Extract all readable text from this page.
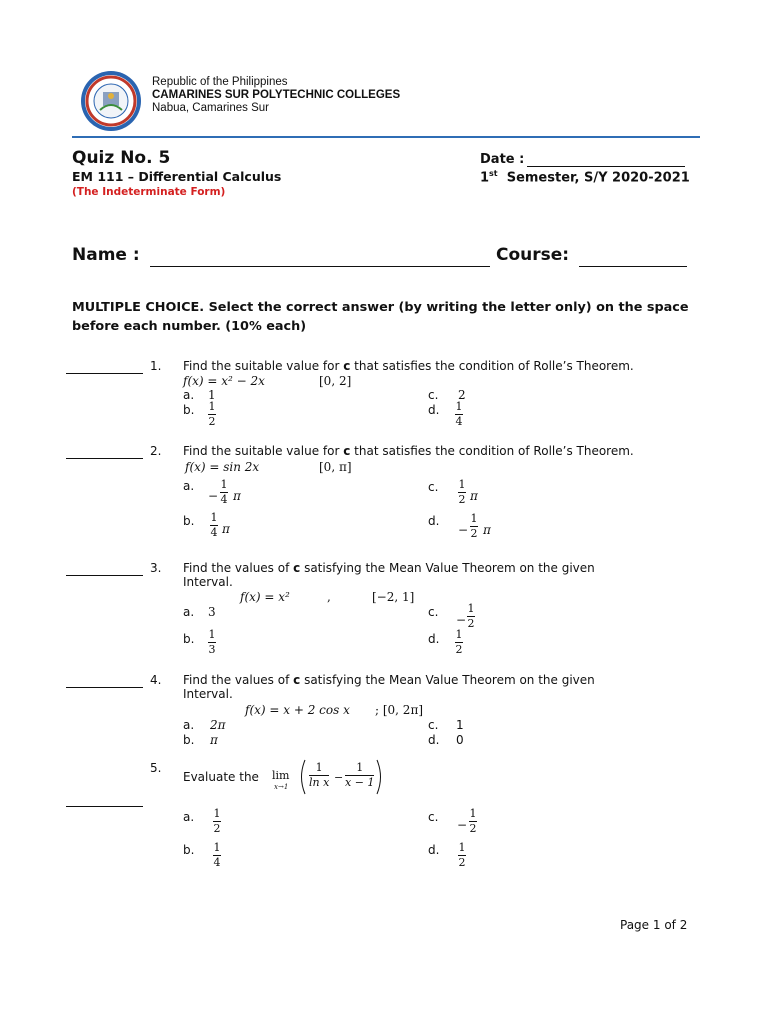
Republic of the Philippines
CAMARINES SUR POLYTECHNIC COLLEGES
Nabua, Camarines Sur
Quiz No. 5
EM 111 – Differential Calculus
(The Indeterminate Form)
Date :
1st Semester, S/Y 2020-2021
Name :	Course:
MULTIPLE CHOICE. Select the correct answer (by writing the letter only) on the space before each number. (10% each)
1. Find the suitable value for c that satisfies the condition of Rolle’s Theorem.
f(x) = x² − 2x	[0, 2]
a. 1
b. 1
2
c. 2
d. 1
4
2. Find the suitable value for c that satisfies the condition of Rolle’s Theorem.
f(x) = sin 2x	[0, π]
a.
−
1
4 π
b. 1
4 π
c. 1
2 π
d.
−
1
2 π
3. Find the values of c satisfying the Mean Value Theorem on the given
Interval.
f(x) = x²	,	[−2, 1]
a. 3
b. 1
3
c.
−
1
2
d. 1
2
4. Find the values of c satisfying the Mean Value Theorem on the given
Interval.
f(x) = x + 2 cos x ; [0, 2π]
a. 2π
b. π
c. 1
d. 0
5.
Evaluate the lim
x→1
1
ln x −
1
x − 1
a. 1
2
b. 1
4
c.
−
1
2
d. 1
2
Page 1 of 2
